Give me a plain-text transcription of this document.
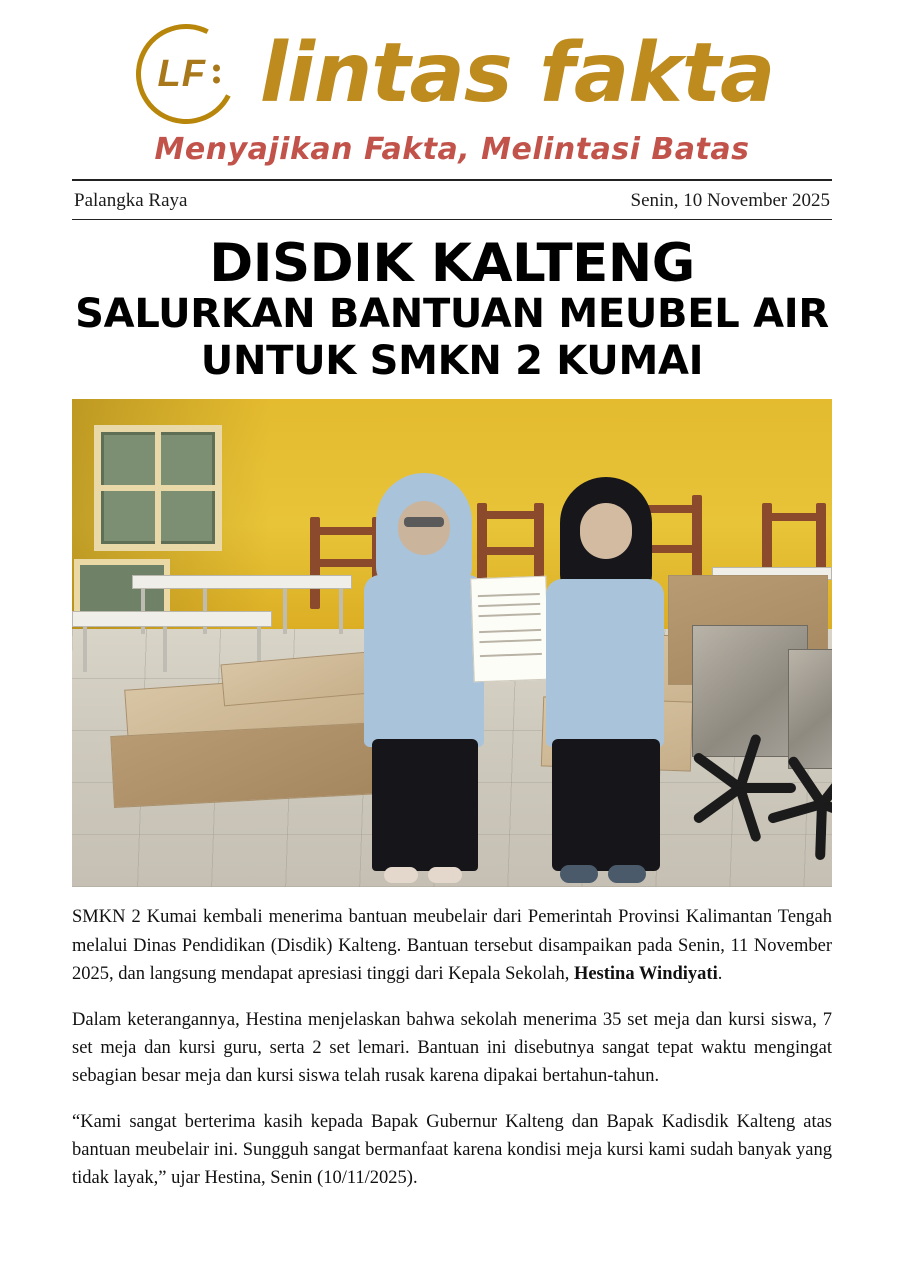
LF lintas fakta
Menyajikan Fakta, Melintasi Batas
Palangka Raya	Senin, 10 November 2025
DISDIK KALTENG
SALURKAN BANTUAN MEUBEL AIR
UNTUK SMKN 2 KUMAI

SMKN 2 Kumai kembali menerima bantuan meubelair dari Pemerintah Provinsi Kalimantan Tengah melalui Dinas Pendidikan (Disdik) Kalteng. Bantuan tersebut disampaikan pada Senin, 11 November 2025, dan langsung mendapat apresiasi tinggi dari Kepala Sekolah, Hestina Windiyati.

Dalam keterangannya, Hestina menjelaskan bahwa sekolah menerima 35 set meja dan kursi siswa, 7 set meja dan kursi guru, serta 2 set lemari. Bantuan ini disebutnya sangat tepat waktu mengingat sebagian besar meja dan kursi siswa telah rusak karena dipakai bertahun-tahun.

“Kami sangat berterima kasih kepada Bapak Gubernur Kalteng dan Bapak Kadisdik Kalteng atas bantuan meubelair ini. Sungguh sangat bermanfaat karena kondisi meja kursi kami sudah banyak yang tidak layak,” ujar Hestina, Senin (10/11/2025).
